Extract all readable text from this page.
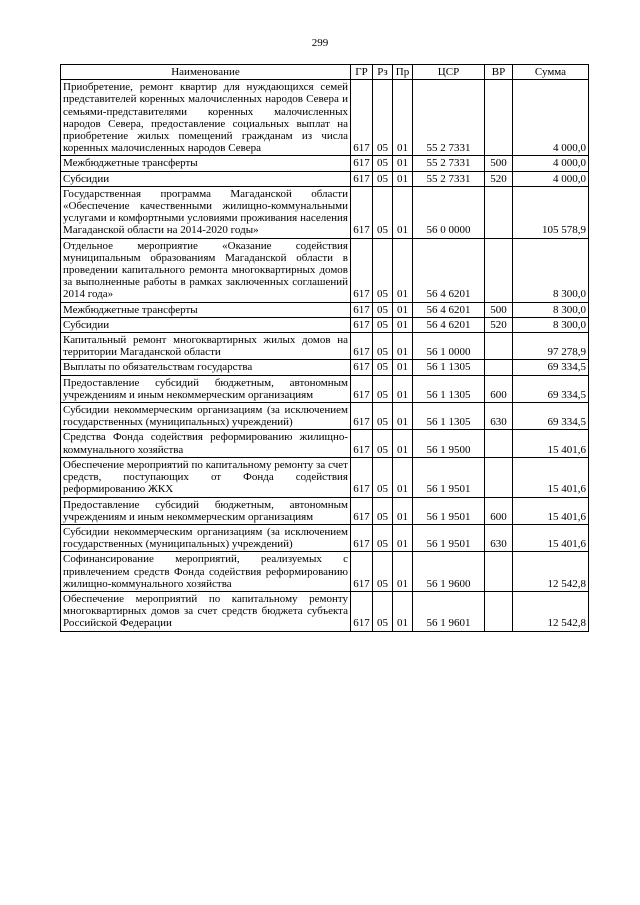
299
Наименование	ГР	Рз	Пр	ЦСР	ВР	Сумма
Приобретение, ремонт квартир для нуждающихся семей представителей коренных малочисленных народов Севера и семьями-представителями коренных малочисленных народов Севера, предоставление социальных выплат на приобретение жилых помещений гражданам из числа коренных малочисленных народов Севера	617	05	01	55 2 7331		4 000,0
Межбюджетные трансферты	617	05	01	55 2 7331	500	4 000,0
Субсидии	617	05	01	55 2 7331	520	4 000,0
Государственная программа Магаданской области «Обеспечение качественными жилищно-коммунальными услугами и комфортными условиями проживания населения Магаданской области на 2014-2020 годы»	617	05	01	56 0 0000		105 578,9
Отдельное мероприятие «Оказание содействия муниципальным образованиям Магаданской области в проведении капитального ремонта многоквартирных домов за выполненные работы в рамках заключенных соглашений 2014 года»	617	05	01	56 4 6201		8 300,0
Межбюджетные трансферты	617	05	01	56 4 6201	500	8 300,0
Субсидии	617	05	01	56 4 6201	520	8 300,0
Капитальный ремонт многоквартирных жилых домов на территории Магаданской области	617	05	01	56 1 0000		97 278,9
Выплаты по обязательствам государства	617	05	01	56 1 1305		69 334,5
Предоставление субсидий бюджетным, автономным учреждениям и иным некоммерческим организациям	617	05	01	56 1 1305	600	69 334,5
Субсидии некоммерческим организациям (за исключением государственных (муниципальных) учреждений)	617	05	01	56 1 1305	630	69 334,5
Средства Фонда содействия реформированию жилищно-коммунального хозяйства	617	05	01	56 1 9500		15 401,6
Обеспечение мероприятий по капитальному ремонту за счет средств, поступающих от Фонда содействия реформированию ЖКХ	617	05	01	56 1 9501		15 401,6
Предоставление субсидий бюджетным, автономным учреждениям и иным некоммерческим организациям	617	05	01	56 1 9501	600	15 401,6
Субсидии некоммерческим организациям (за исключением государственных (муниципальных) учреждений)	617	05	01	56 1 9501	630	15 401,6
Софинансирование мероприятий, реализуемых с привлечением средств Фонда содействия реформированию жилищно-коммунального хозяйства	617	05	01	56 1 9600		12 542,8
Обеспечение мероприятий по капитальному ремонту многоквартирных домов за счет средств бюджета субъекта Российской Федерации	617	05	01	56 1 9601		12 542,8
